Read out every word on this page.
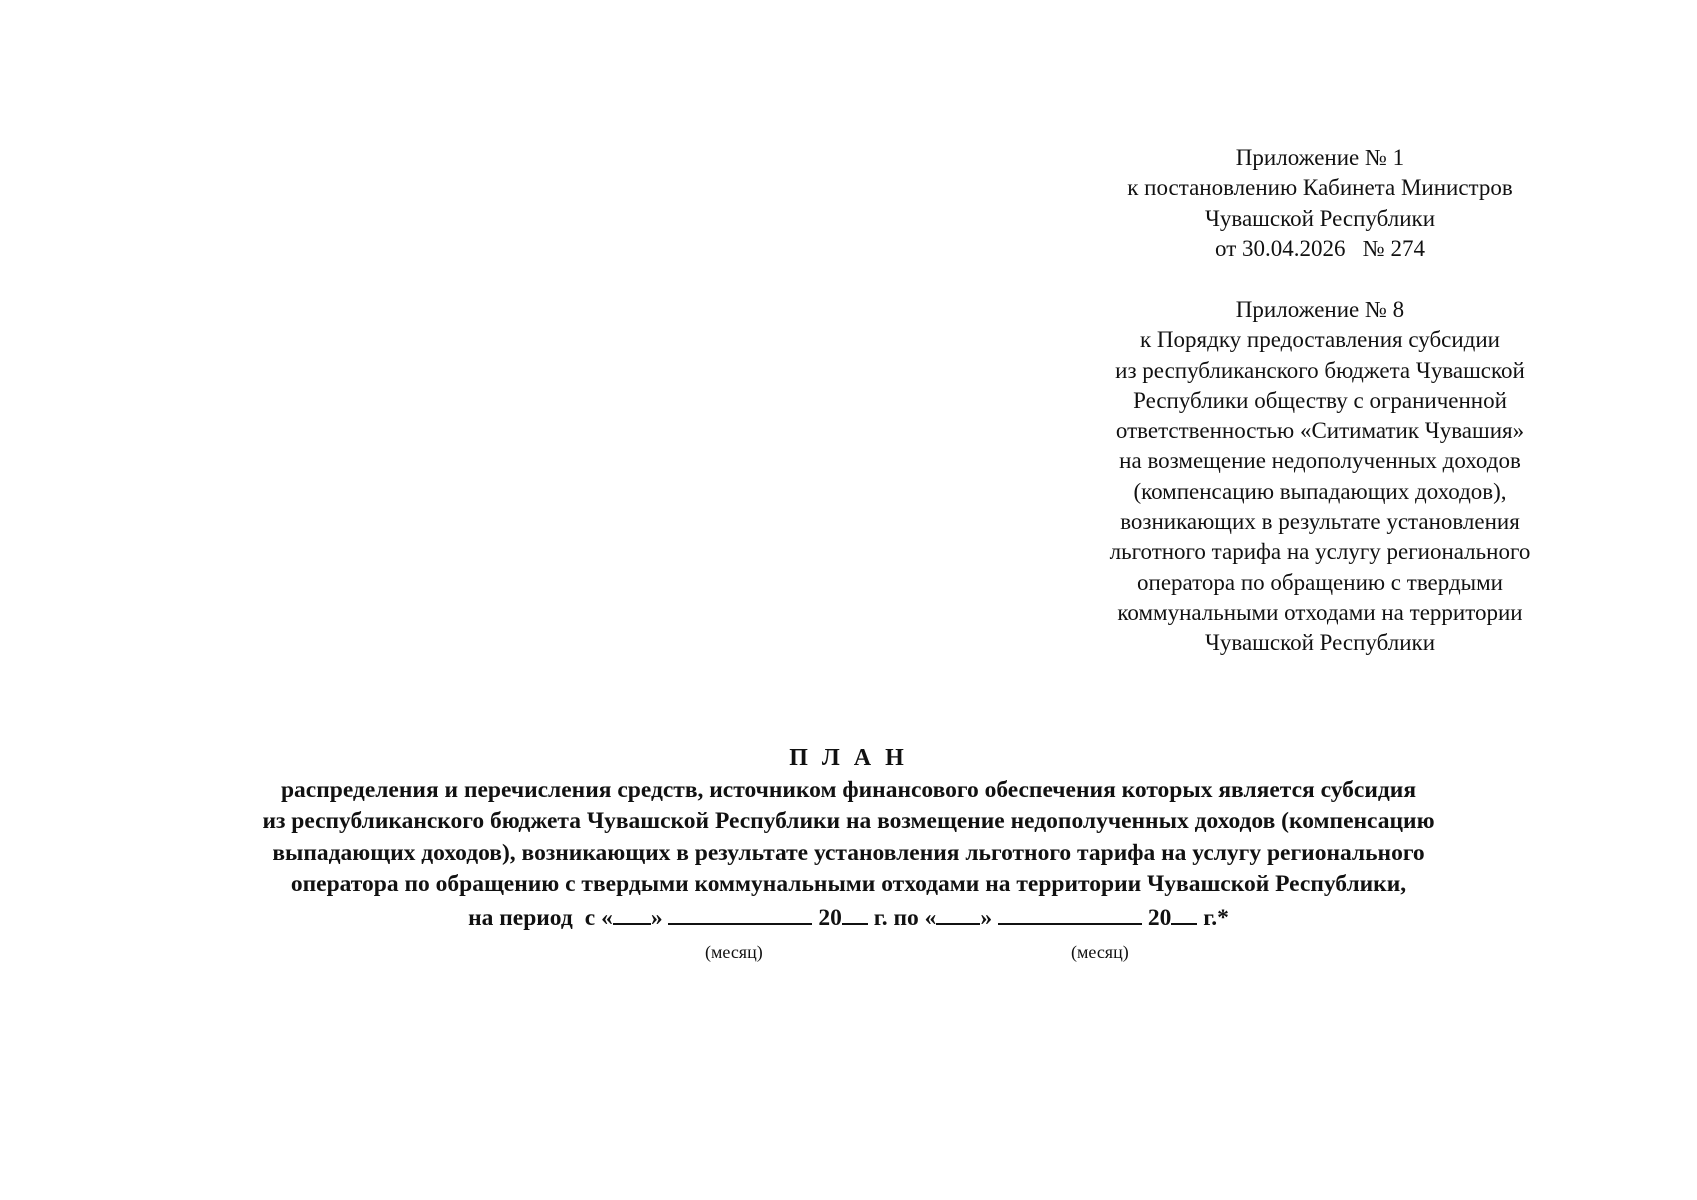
Приложение № 1
к постановлению Кабинета Министров
Чувашской Республики
от 30.04.2026   № 274
Приложение № 8
к Порядку предоставления субсидии
из республиканского бюджета Чувашской
Республики обществу с ограниченной
ответственностью «Ситиматик Чувашия»
на возмещение недополученных доходов
(компенсацию выпадающих доходов),
возникающих в результате установления
льготного тарифа на услугу регионального
оператора по обращению с твердыми
коммунальными отходами на территории
Чувашской Республики
П Л А Н
распределения и перечисления средств, источником финансового обеспечения которых является субсидия
из республиканского бюджета Чувашской Республики на возмещение недополученных доходов (компенсацию
выпадающих доходов), возникающих в результате установления льготного тарифа на услугу регионального
оператора по обращению с твердыми коммунальными отходами на территории Чувашской Республики,
на период с « »	20 г. по « »	20 г.*
(месяц)	(месяц)
